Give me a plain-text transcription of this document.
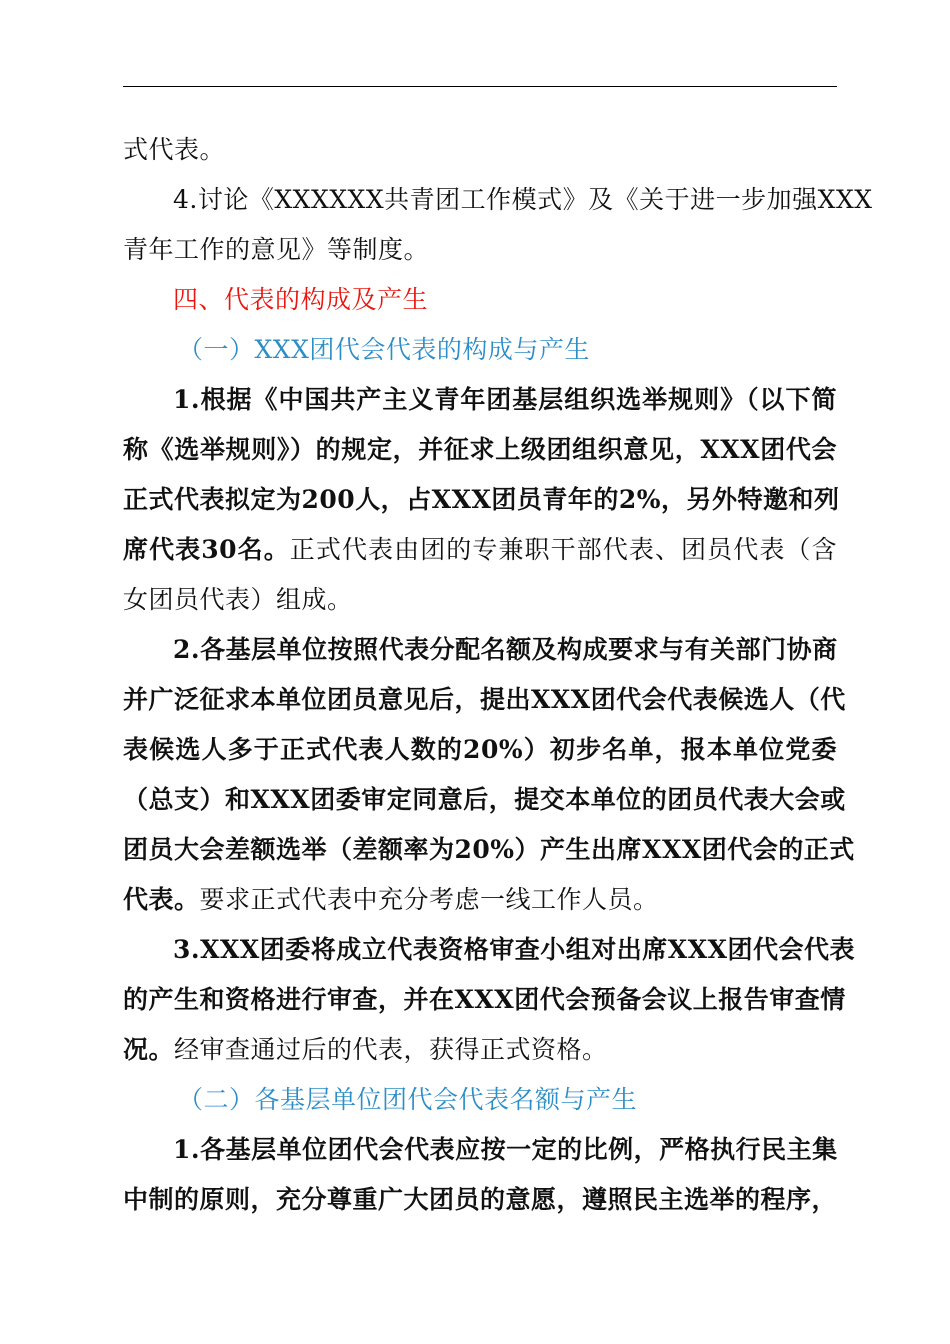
式代表。
4.讨论《XXXXXX共青团工作模式》及《关于进一步加强XXX
青年工作的意见》等制度。
四、代表的构成及产生
（一）XXX团代会代表的构成与产生
1.根据《中国共产主义青年团基层组织选举规则》（以下简
称《选举规则》）的规定，并征求上级团组织意见，XXX团代会
正式代表拟定为200人，占XXX团员青年的2%，另外特邀和列
席代表30名。正式代表由团的专兼职干部代表、团员代表（含
女团员代表）组成。
2.各基层单位按照代表分配名额及构成要求与有关部门协商
并广泛征求本单位团员意见后，提出XXX团代会代表候选人（代
表候选人多于正式代表人数的20%）初步名单，报本单位党委
（总支）和XXX团委审定同意后，提交本单位的团员代表大会或
团员大会差额选举（差额率为20%）产生出席XXX团代会的正式
代表。要求正式代表中充分考虑一线工作人员。
3.XXX团委将成立代表资格审查小组对出席XXX团代会代表
的产生和资格进行审查，并在XXX团代会预备会议上报告审查情
况。经审查通过后的代表，获得正式资格。
（二）各基层单位团代会代表名额与产生
1.各基层单位团代会代表应按一定的比例，严格执行民主集
中制的原则，充分尊重广大团员的意愿，遵照民主选举的程序，
